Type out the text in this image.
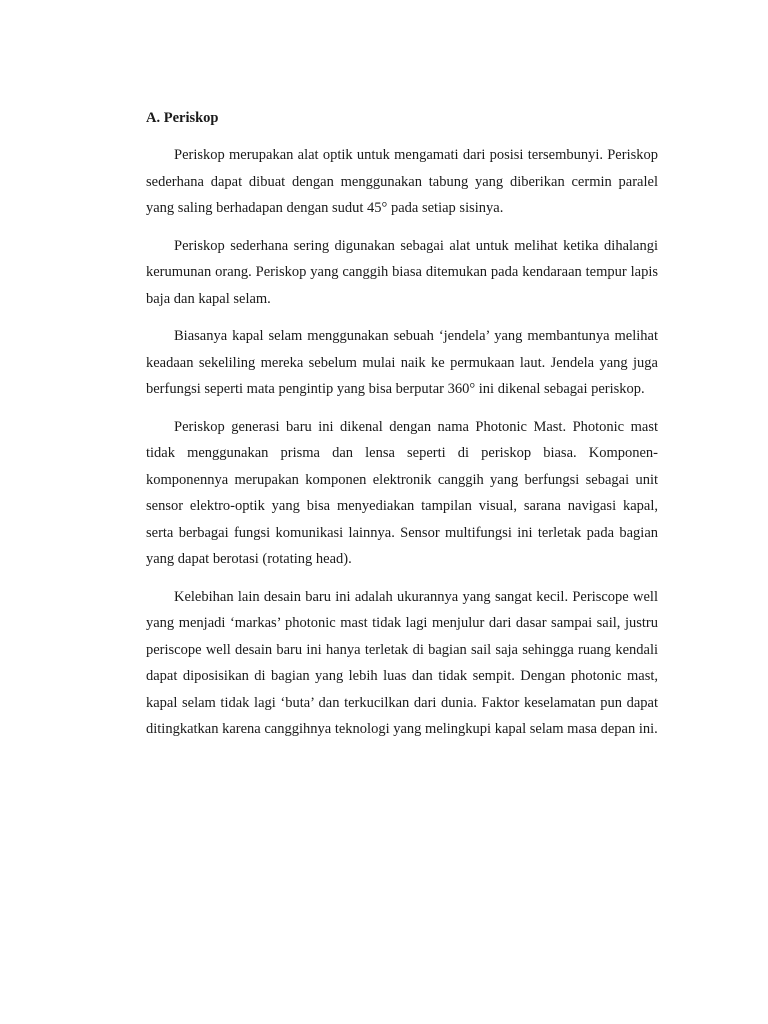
A. Periskop

Periskop merupakan alat optik untuk mengamati dari posisi tersembunyi. Periskop sederhana dapat dibuat dengan menggunakan tabung yang diberikan cermin paralel yang saling berhadapan dengan sudut 45° pada setiap sisinya.

Periskop sederhana sering digunakan sebagai alat untuk melihat ketika dihalangi kerumunan orang. Periskop yang canggih biasa ditemukan pada kendaraan tempur lapis baja dan kapal selam.

Biasanya kapal selam menggunakan sebuah ‘jendela’ yang membantunya melihat keadaan sekeliling mereka sebelum mulai naik ke permukaan laut. Jendela yang juga berfungsi seperti mata pengintip yang bisa berputar 360° ini dikenal sebagai periskop.

Periskop generasi baru ini dikenal dengan nama Photonic Mast. Photonic mast tidak menggunakan prisma dan lensa seperti di periskop biasa. Komponen-komponennya merupakan komponen elektronik canggih yang berfungsi sebagai unit sensor elektro-optik yang bisa menyediakan tampilan visual, sarana navigasi kapal, serta berbagai fungsi komunikasi lainnya. Sensor multifungsi ini terletak pada bagian yang dapat berotasi (rotating head).

Kelebihan lain desain baru ini adalah ukurannya yang sangat kecil. Periscope well yang menjadi ‘markas’ photonic mast tidak lagi menjulur dari dasar sampai sail, justru periscope well desain baru ini hanya terletak di bagian sail saja sehingga ruang kendali dapat diposisikan di bagian yang lebih luas dan tidak sempit. Dengan photonic mast, kapal selam tidak lagi ‘buta’ dan terkucilkan dari dunia. Faktor keselamatan pun dapat ditingkatkan karena canggihnya teknologi yang melingkupi kapal selam masa depan ini.
